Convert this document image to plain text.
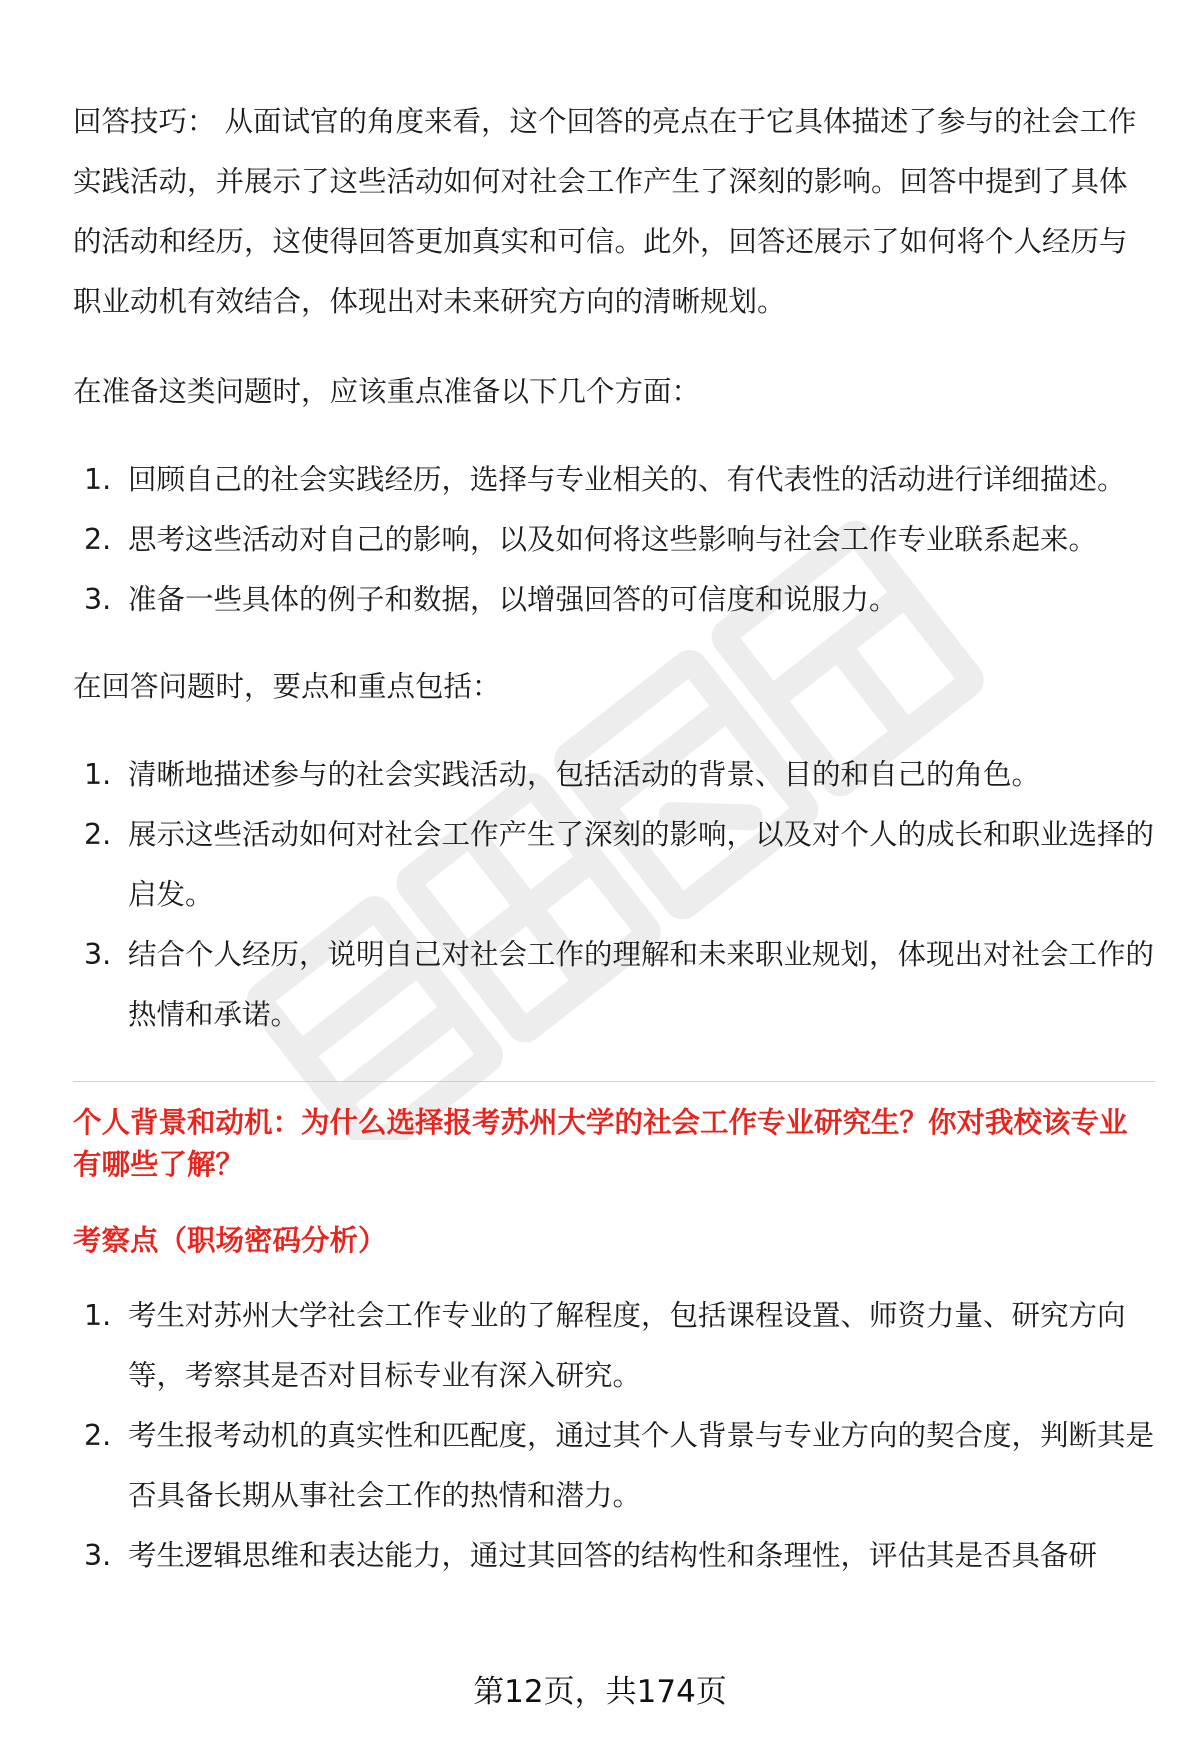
回答技巧： 从面试官的角度来看，这个回答的亮点在于它具体描述了参与的社会工作实践活动，并展示了这些活动如何对社会工作产生了深刻的影响。回答中提到了具体的活动和经历，这使得回答更加真实和可信。此外，回答还展示了如何将个人经历与职业动机有效结合，体现出对未来研究方向的清晰规划。

在准备这类问题时，应该重点准备以下几个方面：

1. 回顾自己的社会实践经历，选择与专业相关的、有代表性的活动进行详细描述。
2. 思考这些活动对自己的影响，以及如何将这些影响与社会工作专业联系起来。
3. 准备一些具体的例子和数据，以增强回答的可信度和说服力。

在回答问题时，要点和重点包括：

1. 清晰地描述参与的社会实践活动，包括活动的背景、目的和自己的角色。
2. 展示这些活动如何对社会工作产生了深刻的影响，以及对个人的成长和职业选择的启发。
3. 结合个人经历，说明自己对社会工作的理解和未来职业规划，体现出对社会工作的热情和承诺。

个人背景和动机：为什么选择报考苏州大学的社会工作专业研究生？你对我校该专业有哪些了解？

考察点（职场密码分析）

1. 考生对苏州大学社会工作专业的了解程度，包括课程设置、师资力量、研究方向等，考察其是否对目标专业有深入研究。
2. 考生报考动机的真实性和匹配度，通过其个人背景与专业方向的契合度，判断其是否具备长期从事社会工作的热情和潜力。
3. 考生逻辑思维和表达能力，通过其回答的结构性和条理性，评估其是否具备研
第12页，共174页
